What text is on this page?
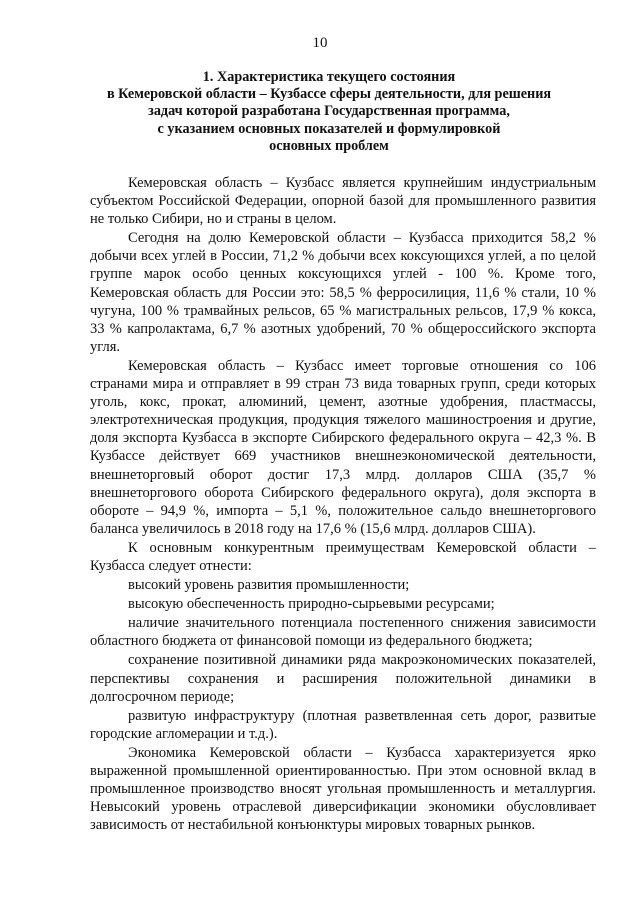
10
1. Характеристика текущего состояния
в Кемеровской области – Кузбассе сферы деятельности, для решения
задач которой разработана Государственная программа,
с указанием основных показателей и формулировкой
основных проблем

Кемеровская область – Кузбасс является крупнейшим индустриальным субъектом Российской Федерации, опорной базой для промышленного развития не только Сибири, но и страны в целом.

Сегодня на долю Кемеровской области – Кузбасса приходится 58,2 % добычи всех углей в России, 71,2 % добычи всех коксующихся углей, а по целой группе марок особо ценных коксующихся углей - 100 %. Кроме того, Кемеровская область для России это: 58,5 % ферросилиция, 11,6 % стали, 10 % чугуна, 100 % трамвайных рельсов, 65 % магистральных рельсов, 17,9 % кокса, 33 % капролактама, 6,7 % азотных удобрений, 70 % общероссийского экспорта угля.

Кемеровская область – Кузбасс имеет торговые отношения со 106 странами мира и отправляет в 99 стран 73 вида товарных групп, среди которых уголь, кокс, прокат, алюминий, цемент, азотные удобрения, пластмассы, электротехническая продукция, продукция тяжелого машиностроения и другие, доля экспорта Кузбасса в экспорте Сибирского федерального округа – 42,3 %. В Кузбассе действует 669 участников внешнеэкономической деятельности, внешнеторговый оборот достиг 17,3 млрд. долларов США (35,7 % внешнеторгового оборота Сибирского федерального округа), доля экспорта в обороте – 94,9 %, импорта – 5,1 %, положительное сальдо внешнеторгового баланса увеличилось в 2018 году на 17,6 % (15,6 млрд. долларов США).

К основным конкурентным преимуществам Кемеровской области – Кузбасса следует отнести:

высокий уровень развития промышленности;

высокую обеспеченность природно-сырьевыми ресурсами;

наличие значительного потенциала постепенного снижения зависимости областного бюджета от финансовой помощи из федерального бюджета;

сохранение позитивной динамики ряда макроэкономических показателей, перспективы сохранения и расширения положительной динамики в долгосрочном периоде;

развитую инфраструктуру (плотная разветвленная сеть дорог, развитые городские агломерации и т.д.).

Экономика Кемеровской области – Кузбасса характеризуется ярко выраженной промышленной ориентированностью. При этом основной вклад в промышленное производство вносят угольная промышленность и металлургия. Невысокий уровень отраслевой диверсификации экономики обусловливает зависимость от нестабильной конъюнктуры мировых товарных рынков.
